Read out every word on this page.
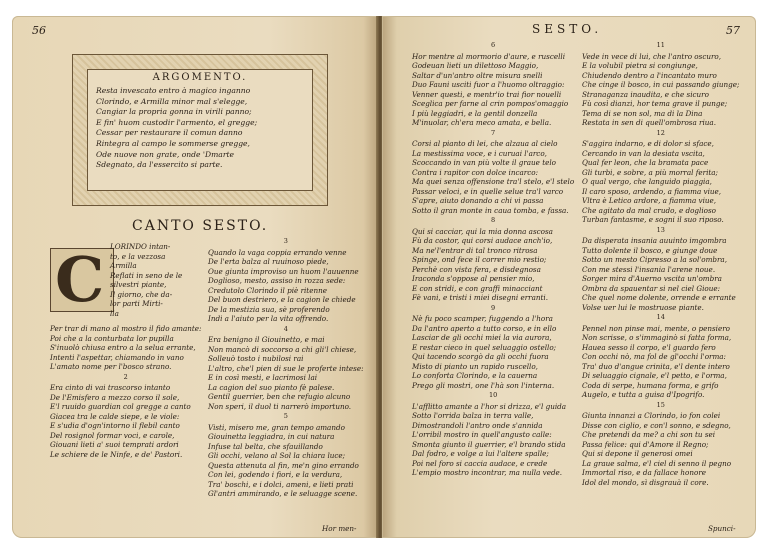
56
ARGOMENTO.
Resta invescato entro à magico inganno
Clorindo, e Armilla minor mal s'elegge,
Cangiar la propria gonna in virili panno;
E fin' huom custodir l'armento, el gregge;
Cessar per restaurare il comun danno
Rintegra al campo le sommerse gregge,
Ode nuove non grate, onde 'Dmarte
Sdegnato, da l'essercito si parte.
CANTO SESTO.
C LORINDO intan-
to, e la vezzosa
Armilla
Reflati in seno de le
silvestri piante,
Il giorno, che da-
lor parti Mirti-
lla
Per trar di mano al mostro il fido amante:
Poi che a la conturbata lor pupilla
S'inuolò chiusa entro a la selua errante,
Intenti l'aspettar, chiamando in vano
L'amato nome per l'bosco strano.
2
Era cinto di vai trascorso intanto
De l'Emisfero a mezzo corso il sole,
E'l ruuido guardian col gregge a canto
Giacea tra le calde siepe, e le viole:
E s'udia d'ogn'intorno il flebil canto
Del rosignol formar voci, e carole,
Giouani lieti a' suoi temprati ardori
Le schiere de le Ninfe, e de' Pastori.
3
Quando la vaga coppia errando venne
De l'erta balza al ruuinoso piede,
Oue giunta improviso un huom l'auuenne
Doglioso, mesto, assiso in rozza sede:
Credutolo Clorindo il piè ritenne
Del buon destriero, e la cagion le chiede
De la mestizia sua, sè proferendo
Indi a l'aiuto per la vita offrendo.
4
Era benigno il Giouinetto, e mai
Non mancò di soccorso a chi gli'l chiese,
Solleuò tosto i nubilosi rai
L'altro, che'l pien di sue le proferte intese:
E in così mesti, e lacrimosi lai
La cagion del suo pianto fè palese.
Gentil guerrier, ben che refugio alcuno
Non speri, il duol ti narrerò importuno.
5
Visti, misero me, gran tempo amando
Giouinetta leggiadra, in cui natura
Infuse tal belta, che sfauillando
Gli occhi, velano al Sol la chiara luce;
Questa attenuta al fin, me'n gino errando
Con lei, godendo i fiori, e la verdura,
Tra' boschi, e i dolci, ameni, e lieti prati
Gl'antri ammirando, e le seluagge scene.
Hor men-
SESTO.	57
6
Hor mentre al mormorio d'aure, e ruscelli
Godeuan lieti un dilettoso Maggio,
Saltar d'un'antro oltre misura snelli
Duo Fauni usciti fuor a l'huomo oltraggio:
Venner questi, e mentr'io trai fior nouelli
Sceglica per farne al crin pompos'omaggio
I più leggiadri, e la gentil donzella
M'inuolar, ch'era meco amata, e bella.
7
Corsi al pianto di lei, che alzaua al cielo
La mestissima voce, e i curuai l'arco,
Scoccando in van più volte il graue telo
Contra i rapitor con dolce incarco:
Ma quei senza offensione tra'l stelo, e'l stelo
Passar veloci, e in quelle selue tra'l varco
S'apre, aiuto donando a chi vi passa
Sotto il gran monte in caua tomba, e fassa.
8
Qui si cacciar, qui la mia donna ascosa
Fù da costor, qui corsi audace anch'io,
Ma ne'l'entrar di tal tronco ritrosa
Spinge, ond fece il correr mio restio;
Perchè con vista fera, e disdegnosa
Iraconda s'oppose al pensier mio,
E con stridi, e con graffi minacciant
Fè vani, e tristi i miei disegni erranti.
9
Nè fu poco scamper, fuggendo a l'hora
Da l'antro aperto a tutto corso, e in ello
Lasciar de gli occhi miei la via aurora,
E restar cieco in quel seluaggio ostello;
Qui tacendo scorgò da gli occhi fuora
Misto di pianto un rapido ruscello,
Lo conforta Clorindo, e la cauerna
Prego gli mostri, one l'hà son l'interna.
10
L'afflitto amante a l'hor si drizza, e'l guida
Sotto l'orrida balza in terra valle,
Dimostrandoli l'antro onde s'annida
L'orribil mostro in quell'angusto calle:
Smonta giunto il guerrier, e'l brando stida
Dal fodro, e volge a lui l'altere spalle;
Poi nel foro si caccia audace, e crede
L'empio mostro incontrar, ma nulla vede.
11
Vede in vece di lui, che l'antro oscuro,
E la volubil pietra si congiunge,
Chiudendo dentro a l'incantato muro
Che cinge il bosco, in cui passando giunge;
Stranaganza inaudita, e che sicuro
Fù così dianzi, hor tema grave il punge;
Tema di se non sol, ma di la Dina
Restata in sen di quell'ombrosa riua.
12
S'aggira indarno, e di dolor si sface,
Cercando in van la desiata vscita,
Qual fer leon, che la bramata pace
Gli turbi, e sobre, a più morral ferita;
O qual vergo, che languido piaggia,
Il caro sposo, ardendo, a fiamma viue,
Vltra è Letico ardore, a fiamma viue,
Che agitato da mal crudo, e doglioso
Turban fantasme, e sogni il suo riposo.
13
Da disperata insania auuinto imgombra
Tutto dolente il bosco, e giunge doue
Sotto un mesto Cipresso a la sol'ombra,
Con me stessi l'insania l'arene noue.
Sorger mira d'Auerno vscita un'ombra
Ombra da spauentar si nel ciel Gioue:
Che quel nome dolente, orrende e errante
Volse uer lui le mostruose piante.
14
Pennel non pinse mai, mente, o pensiero
Non scrisse, o s'immaginò si fatta forma,
Hauea sesso il corpo, e'l guardo fero
Con occhi nò, ma fol de gl'occhi l'orma:
Tra' duo d'angue crinita, e'l dente intero
Di seluaggio cignale, e'l petto, e l'orma,
Coda di serpe, humana forma, e grifo
Augelo, e tutta a guisa d'Ipogrifo.
15
Giunta innanzi a Clorindo, io fon colei
Disse con ciglio, e con'l sonno, e sdegno,
Che pretendi da me? a chi son tu sei
Passa felice: qui d'Amore il Regno;
Qui si depone il generosi omei
La graue salma, e'l ciel di senno il pegno
Immortal riso, e da fallace honore
Idol del mondo, sì disgrauà il core.
Spunci-
